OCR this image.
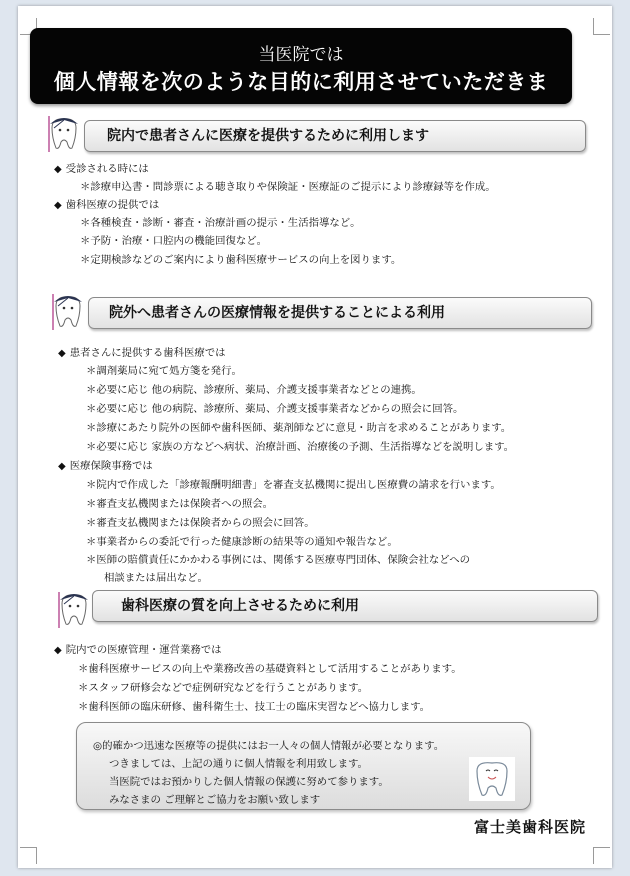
当医院では
個人情報を次のような目的に利用させていただきま
院内で患者さんに医療を提供するために利用します
◆ 受診される時には
＊診療申込書・問診票による聴き取りや保険証・医療証のご提示により診療録等を作成。
◆ 歯科医療の提供では
＊各種検査・診断・審査・治療計画の提示・生活指導など。
＊予防・治療・口腔内の機能回復など。
＊定期検診などのご案内により歯科医療サービスの向上を図ります。
院外へ患者さんの医療情報を提供することによる利用
◆ 患者さんに提供する歯科医療では
＊調剤薬局に宛て処方箋を発行。
＊必要に応じ 他の病院、診療所、薬局、介護支援事業者などとの連携。
＊必要に応じ 他の病院、診療所、薬局、介護支援事業者などからの照会に回答。
＊診療にあたり院外の医師や歯科医師、薬剤師などに意見・助言を求めることがあります。
＊必要に応じ 家族の方などへ病状、治療計画、治療後の予測、生活指導などを説明します。
◆ 医療保険事務では
＊院内で作成した「診療報酬明細書」を審査支払機関に提出し医療費の請求を行います。
＊審査支払機関または保険者への照会。
＊審査支払機関または保険者からの照会に回答。
＊事業者からの委託で行った健康診断の結果等の通知や報告など。
＊医師の賠償責任にかかわる事例には、関係する医療専門団体、保険会社などへの
相談または届出など。
歯科医療の質を向上させるために利用
◆ 院内での医療管理・運営業務では
＊歯科医療サービスの向上や業務改善の基礎資料として活用することがあります。
＊スタッフ研修会などで症例研究などを行うことがあります。
＊歯科医師の臨床研修、歯科衛生士、技工士の臨床実習などへ協力します。
◎的確かつ迅速な医療等の提供にはお一人々の個人情報が必要となります。
つきましては、上記の通りに個人情報を利用致します。
当医院ではお預かりした個人情報の保護に努めて参ります。
みなさまの ご理解とご協力をお願い致します
富士美歯科医院
